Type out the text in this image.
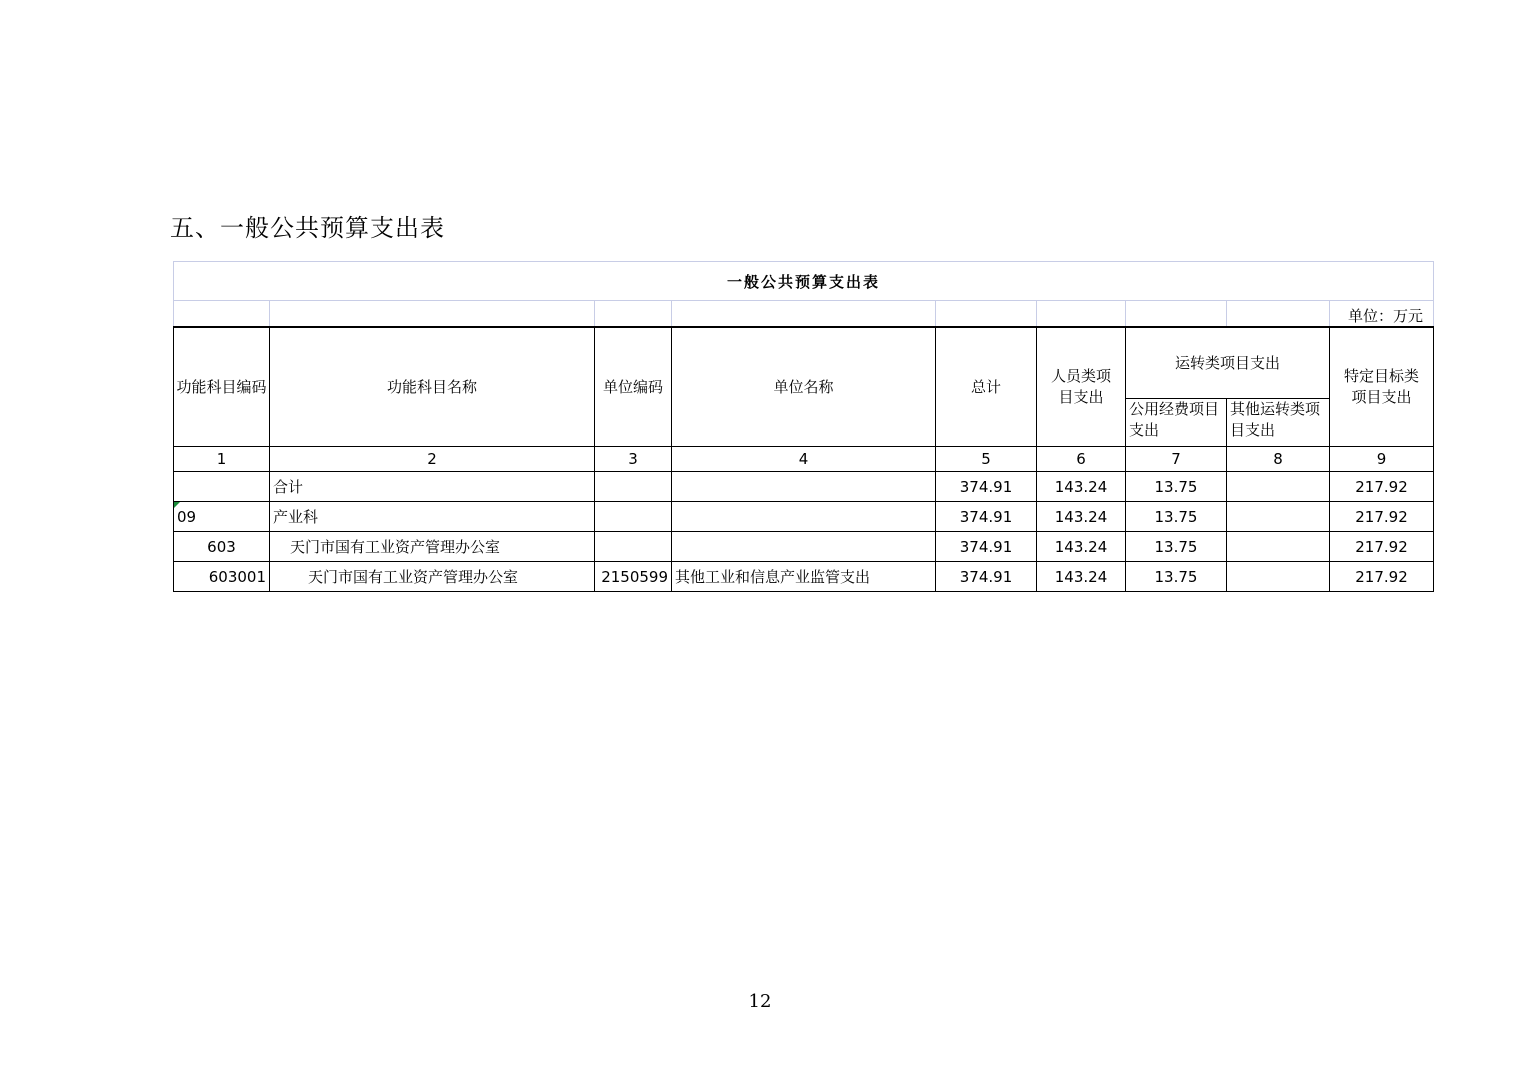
五、一般公共预算支出表
一般公共预算支出表								
								单位：万元
功能科目编码	功能科目名称	单位编码	单位名称	总计	人员类项目支出	运转类项目支出		特定目标类项目支出
						公用经费项目支出	其他运转类项目支出	
1	2	3	4	5	6	7	8	9
	合计			374.91	143.24	13.75		217.92

09	产业科			374.91	143.24	13.75		217.92
603	天门市国有工业资产管理办公室			374.91	143.24	13.75		217.92
603001	天门市国有工业资产管理办公室	2150599	其他工业和信息产业监管支出	374.91	143.24	13.75		217.92
12
